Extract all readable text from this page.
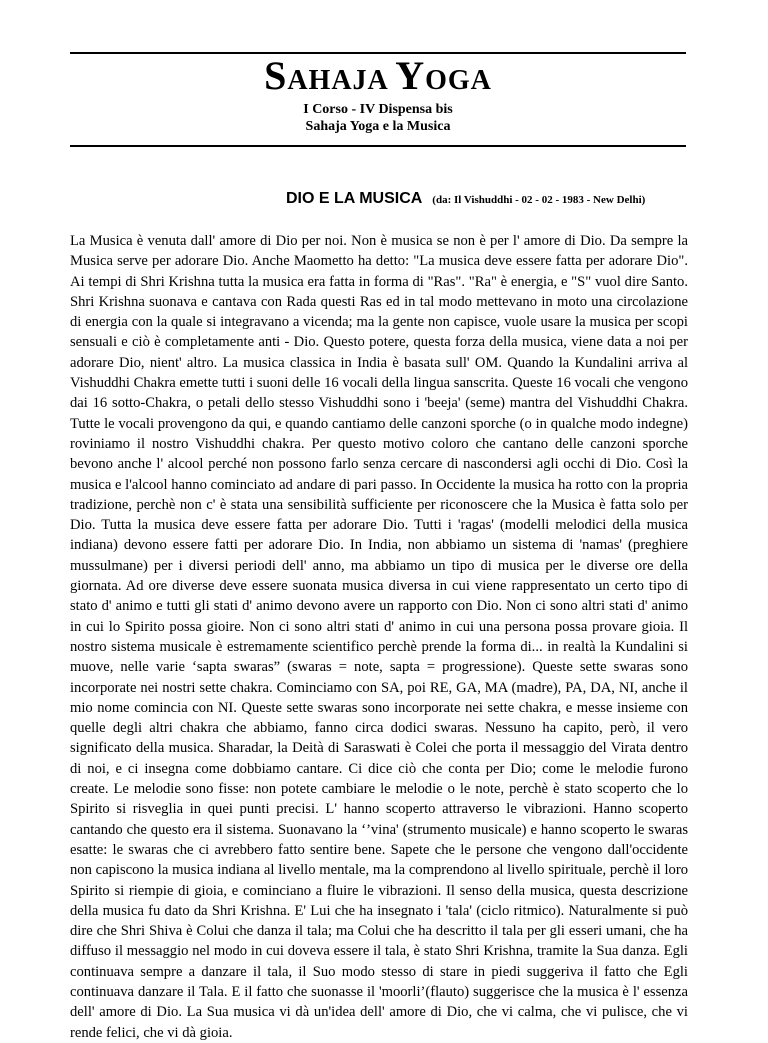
SAHAJA YOGA

I Corso - IV Dispensa bis

Sahaja Yoga e la Musica

DIO E LA MUSICA (da: Il Vishuddhi - 02 - 02 - 1983 - New Delhi)

La Musica è venuta dall' amore di Dio per noi. Non è musica se non è per l' amore di Dio. Da sempre la Musica serve per adorare Dio. Anche Maometto ha detto: "La musica deve essere fatta per adorare Dio". Ai tempi di Shri Krishna tutta la musica era fatta in forma di "Ras". "Ra" è energia, e "S" vuol dire Santo. Shri Krishna suonava e cantava con Rada questi Ras ed in tal modo mettevano in moto una circolazione di energia con la quale si integravano a vicenda; ma la gente non capisce, vuole usare la musica per scopi sensuali e ciò è completamente anti - Dio. Questo potere, questa forza della musica, viene data a noi per adorare Dio, nient' altro. La musica classica in India è basata sull' OM. Quando la Kundalini arriva al Vishuddhi Chakra emette tutti i suoni delle 16 vocali della lingua sanscrita. Queste 16 vocali che vengono dai 16 sotto-Chakra, o petali dello stesso Vishuddhi sono i 'beeja' (seme) mantra del Vishuddhi Chakra. Tutte le vocali provengono da qui, e quando cantiamo delle canzoni sporche (o in qualche modo indegne) roviniamo il nostro Vishuddhi chakra. Per questo motivo coloro che cantano delle canzoni sporche bevono anche l' alcool perché non possono farlo senza cercare di nascondersi agli occhi di Dio. Così la musica e l'alcool hanno cominciato ad andare di pari passo. In Occidente la musica ha rotto con la propria tradizione, perchè non c' è stata una sensibilità sufficiente per riconoscere che la Musica è fatta solo per Dio. Tutta la musica deve essere fatta per adorare Dio. Tutti i 'ragas' (modelli melodici della musica indiana) devono essere fatti per adorare Dio. In India, non abbiamo un sistema di 'namas' (preghiere mussulmane) per i diversi periodi dell' anno, ma abbiamo un tipo di musica per le diverse ore della giornata. Ad ore diverse deve essere suonata musica diversa in cui viene rappresentato un certo tipo di stato d' animo e tutti gli stati d' animo devono avere un rapporto con Dio. Non ci sono altri stati d' animo in cui lo Spirito possa gioire. Non ci sono altri stati d' animo in cui una persona possa provare gioia. Il nostro sistema musicale è estremamente scientifico perchè prende la forma di... in realtà la Kundalini si muove, nelle varie ‘sapta swaras” (swaras = note, sapta = progressione). Queste sette swaras sono incorporate nei nostri sette chakra. Cominciamo con SA, poi RE, GA, MA (madre), PA, DA, NI, anche il mio nome comincia con NI. Queste sette swaras sono incorporate nei sette chakra, e messe insieme con quelle degli altri chakra che abbiamo, fanno circa dodici swaras. Nessuno ha capito, però, il vero significato della musica. Sharadar, la Deità di Saraswati è Colei che porta il messaggio del Virata dentro di noi, e ci insegna come dobbiamo cantare. Ci dice ciò che conta per Dio; come le melodie furono create. Le melodie sono fisse: non potete cambiare le melodie o le note, perchè è stato scoperto che lo Spirito si risveglia in quei punti precisi. L' hanno scoperto attraverso le vibrazioni. Hanno scoperto cantando che questo era il sistema. Suonavano la ‘’vina' (strumento musicale) e hanno scoperto le swaras esatte: le swaras che ci avrebbero fatto sentire bene. Sapete che le persone che vengono dall'occidente non capiscono la musica indiana al livello mentale, ma la comprendono al livello spirituale, perchè il loro Spirito si riempie di gioia, e cominciano a fluire le vibrazioni. Il senso della musica, questa descrizione della musica fu dato da Shri Krishna. E' Lui che ha insegnato i 'tala' (ciclo ritmico). Naturalmente si può dire che Shri Shiva è Colui che danza il tala; ma Colui che ha descritto il tala per gli esseri umani, che ha diffuso il messaggio nel modo in cui doveva essere il tala, è stato Shri Krishna, tramite la Sua danza. Egli continuava sempre a danzare il tala, il Suo modo stesso di stare in piedi suggeriva il fatto che Egli continuava danzare il Tala. E il fatto che suonasse il 'moorli’(flauto) suggerisce che la musica è l' essenza dell' amore di Dio. La Sua musica vi dà un'idea dell' amore di Dio, che vi calma, che vi pulisce, che vi rende felici, che vi dà gioia.
